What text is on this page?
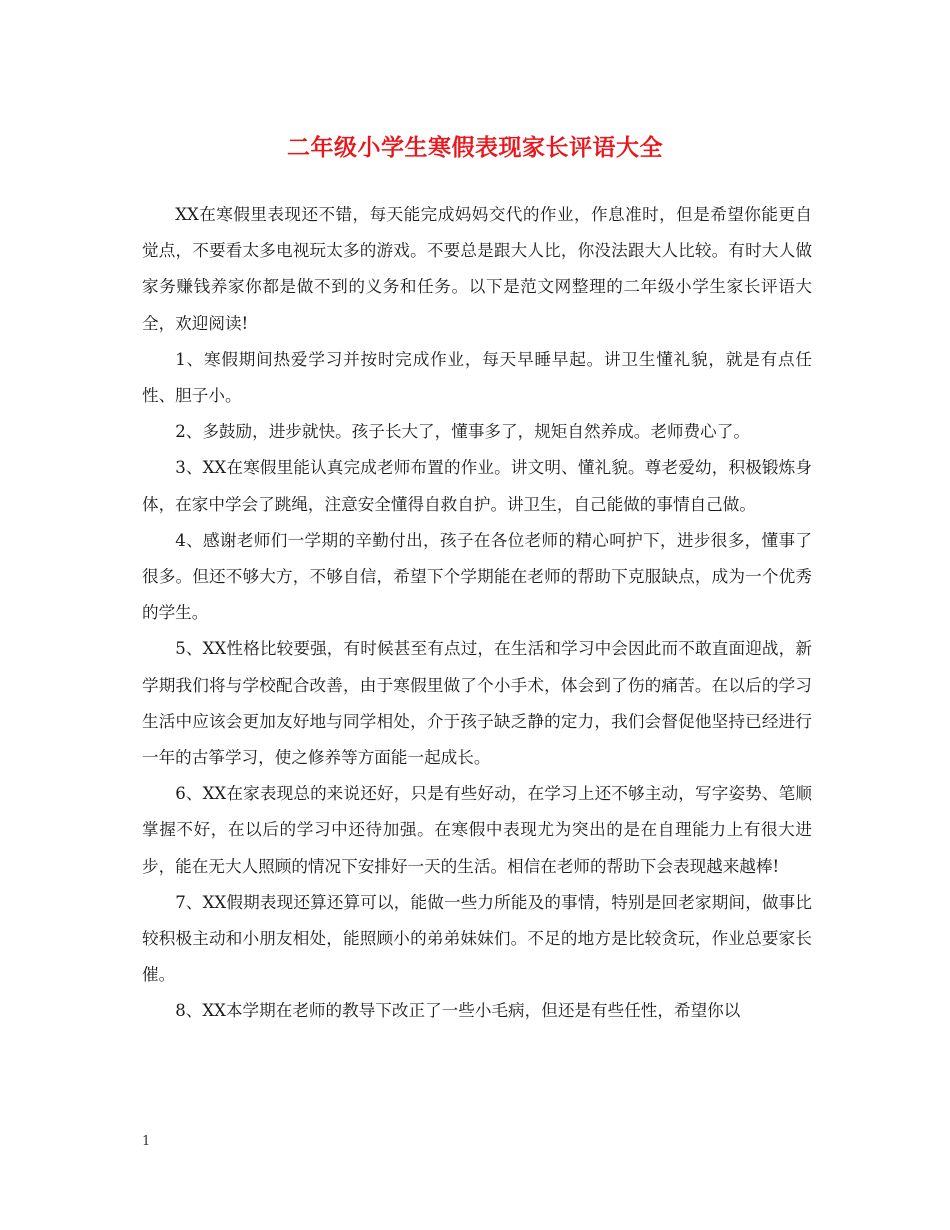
二年级小学生寒假表现家长评语大全

XX在寒假里表现还不错，每天能完成妈妈交代的作业，作息准时，但是希望你能更自觉点，不要看太多电视玩太多的游戏。不要总是跟大人比，你没法跟大人比较。有时大人做家务赚钱养家你都是做不到的义务和任务。以下是范文网整理的二年级小学生家长评语大全，欢迎阅读!

1、寒假期间热爱学习并按时完成作业，每天早睡早起。讲卫生懂礼貌，就是有点任性、胆子小。

2、多鼓励，进步就快。孩子长大了，懂事多了，规矩自然养成。老师费心了。

3、XX在寒假里能认真完成老师布置的作业。讲文明、懂礼貌。尊老爱幼，积极锻炼身体，在家中学会了跳绳，注意安全懂得自救自护。讲卫生，自己能做的事情自己做。

4、感谢老师们一学期的辛勤付出，孩子在各位老师的精心呵护下，进步很多，懂事了很多。但还不够大方，不够自信，希望下个学期能在老师的帮助下克服缺点，成为一个优秀的学生。

5、XX性格比较要强，有时候甚至有点过，在生活和学习中会因此而不敢直面迎战，新学期我们将与学校配合改善，由于寒假里做了个小手术，体会到了伤的痛苦。在以后的学习生活中应该会更加友好地与同学相处，介于孩子缺乏静的定力，我们会督促他坚持已经进行一年的古筝学习，使之修养等方面能一起成长。

6、XX在家表现总的来说还好，只是有些好动，在学习上还不够主动，写字姿势、笔顺掌握不好，在以后的学习中还待加强。在寒假中表现尤为突出的是在自理能力上有很大进步，能在无大人照顾的情况下安排好一天的生活。相信在老师的帮助下会表现越来越棒!

7、XX假期表现还算还算可以，能做一些力所能及的事情，特别是回老家期间，做事比较积极主动和小朋友相处，能照顾小的弟弟妹妹们。不足的地方是比较贪玩，作业总要家长催。

8、XX本学期在老师的教导下改正了一些小毛病，但还是有些任性，希望你以

1
